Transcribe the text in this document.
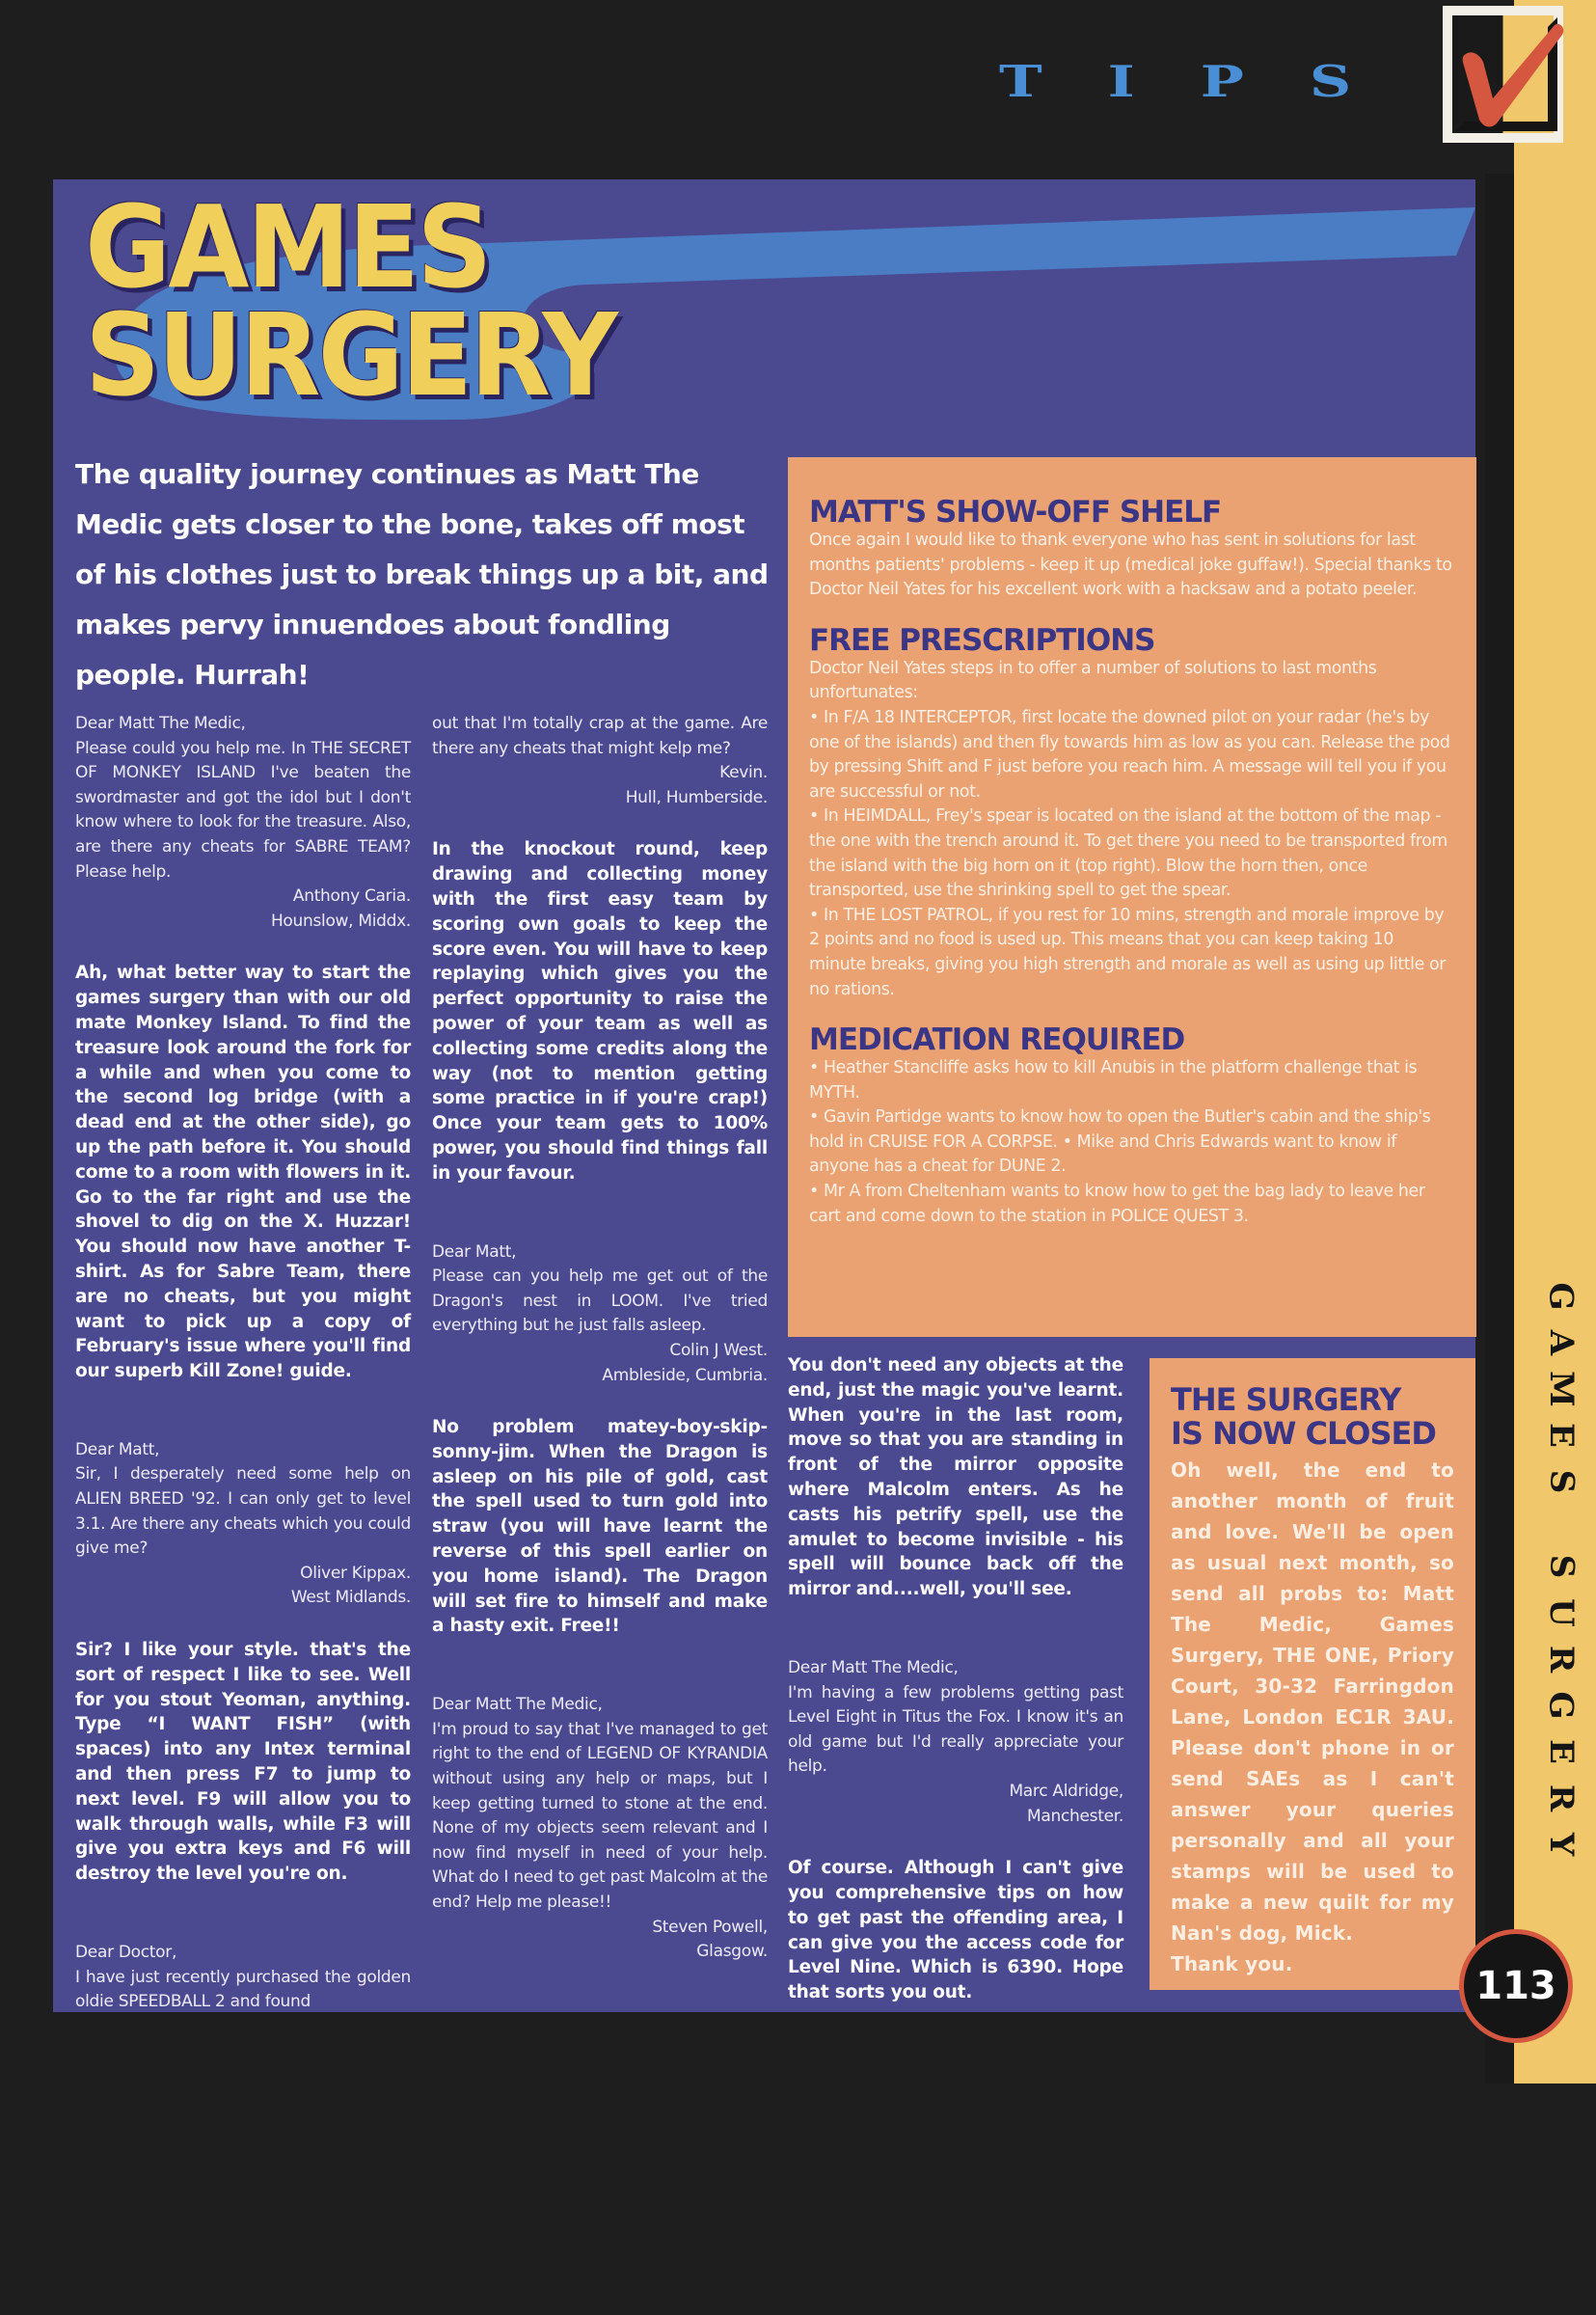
TIPS
GAMES
SURGERY
The quality journey continues as Matt The Medic gets closer to the bone, takes off most of his clothes just to break things up a bit, and makes pervy innuendoes about fondling people. Hurrah!
Dear Matt The Medic,
Please could you help me. In THE SECRET OF MONKEY ISLAND I've beaten the swordmaster and got the idol but I don't know where to look for the treasure. Also, are there any cheats for SABRE TEAM? Please help.
Anthony Caria.
Hounslow, Middx.
Ah, what better way to start the games surgery than with our old mate Monkey Island. To find the treasure look around the fork for a while and when you come to the second log bridge (with a dead end at the other side), go up the path before it. You should come to a room with flowers in it. Go to the far right and use the shovel to dig on the X. Huzzar! You should now have another T-shirt. As for Sabre Team, there are no cheats, but you might want to pick up a copy of February's issue where you'll find our superb Kill Zone! guide.
Dear Matt,
Sir, I desperately need some help on ALIEN BREED '92. I can only get to level 3.1. Are there any cheats which you could give me?
Oliver Kippax.
West Midlands.
Sir? I like your style. that's the sort of respect I like to see. Well for you stout Yeoman, anything. Type “I WANT FISH” (with spaces) into any Intex terminal and then press F7 to jump to next level. F9 will allow you to walk through walls, while F3 will give you extra keys and F6 will destroy the level you're on.
Dear Doctor,
I have just recently purchased the golden oldie SPEEDBALL 2 and found
out that I'm totally crap at the game. Are there any cheats that might kelp me?
Kevin.
Hull, Humberside.
In the knockout round, keep drawing and collecting money with the first easy team by scoring own goals to keep the score even. You will have to keep replaying which gives you the perfect opportunity to raise the power of your team as well as collecting some credits along the way (not to mention getting some practice in if you're crap!) Once your team gets to 100% power, you should find things fall in your favour.
Dear Matt,
Please can you help me get out of the Dragon's nest in LOOM. I've tried everything but he just falls asleep.
Colin J West.
Ambleside, Cumbria.
No problem matey-boy-skip-sonny-jim. When the Dragon is asleep on his pile of gold, cast the spell used to turn gold into straw (you will have learnt the reverse of this spell earlier on you home island). The Dragon will set fire to himself and make a hasty exit. Free!!
Dear Matt The Medic,
I'm proud to say that I've managed to get right to the end of LEGEND OF KYRANDIA without using any help or maps, but I keep getting turned to stone at the end. None of my objects seem relevant and I now find myself in need of your help. What do I need to get past Malcolm at the end? Help me please!!
Steven Powell,
Glasgow.
You don't need any objects at the end, just the magic you've learnt. When you're in the last room, move so that you are standing in front of the mirror opposite where Malcolm enters. As he casts his petrify spell, use the amulet to become invisible - his spell will bounce back off the mirror and....well, you'll see.
Dear Matt The Medic,
I'm having a few problems getting past Level Eight in Titus the Fox. I know it's an old game but I'd really appreciate your help.
Marc Aldridge,
Manchester.
Of course. Although I can't give you comprehensive tips on how to get past the offending area, I can give you the access code for Level Nine. Which is 6390. Hope that sorts you out.
MATT'S SHOW-OFF SHELF
Once again I would like to thank everyone who has sent in solutions for last months patients' problems - keep it up (medical joke guffaw!). Special thanks to Doctor Neil Yates for his excellent work with a hacksaw and a potato peeler.
FREE PRESCRIPTIONS
Doctor Neil Yates steps in to offer a number of solutions to last months unfortunates:
• In F/A 18 INTERCEPTOR, first locate the downed pilot on your radar (he's by one of the islands) and then fly towards him as low as you can. Release the pod by pressing Shift and F just before you reach him. A message will tell you if you are successful or not.
• In HEIMDALL, Frey's spear is located on the island at the bottom of the map - the one with the trench around it. To get there you need to be transported from the island with the big horn on it (top right). Blow the horn then, once transported, use the shrinking spell to get the spear.
• In THE LOST PATROL, if you rest for 10 mins, strength and morale improve by 2 points and no food is used up. This means that you can keep taking 10 minute breaks, giving you high strength and morale as well as using up little or no rations.
MEDICATION REQUIRED
• Heather Stancliffe asks how to kill Anubis in the platform challenge that is MYTH.
• Gavin Partidge wants to know how to open the Butler's cabin and the ship's hold in CRUISE FOR A CORPSE. • Mike and Chris Edwards want to know if anyone has a cheat for DUNE 2.
• Mr A from Cheltenham wants to know how to get the bag lady to leave her cart and come down to the station in POLICE QUEST 3.
THE SURGERY
IS NOW CLOSED
Oh well, the end to another month of fruit and love. We'll be open as usual next month, so send all probs to: Matt The Medic, Games Surgery, THE ONE, Priory Court, 30-32 Farringdon Lane, London EC1R 3AU. Please don't phone in or send SAEs as I can't answer your queries personally and all your stamps will be used to make a new quilt for my Nan's dog, Mick.
Thank you.
G
A
M
E
S
S
U
R
G
E
R
Y
113
